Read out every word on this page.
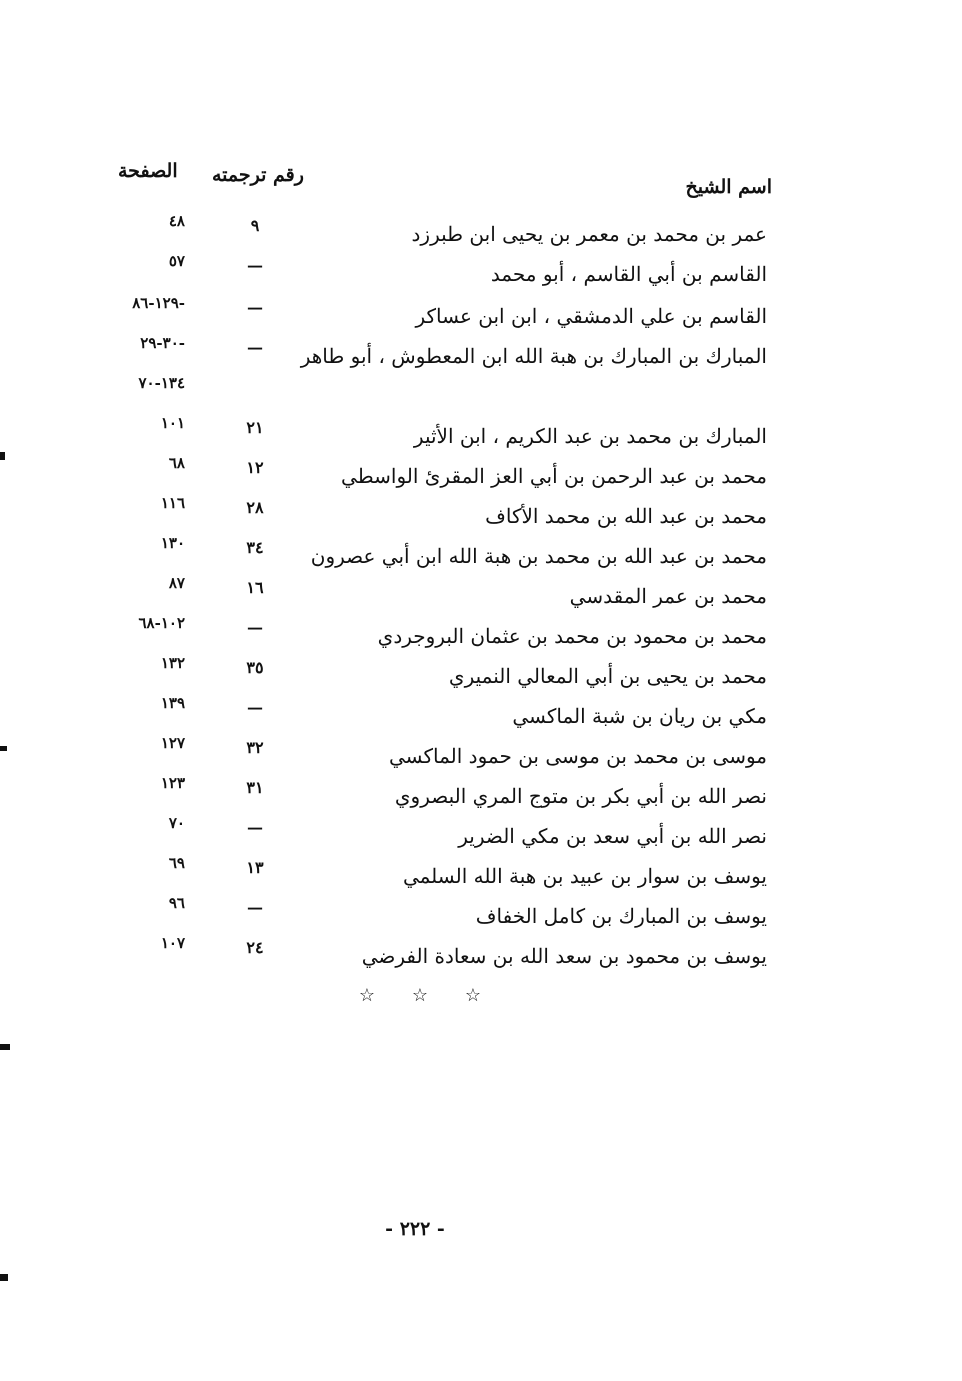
الصفحة رقم ترجمته
اسم الشيخ
عمر بن محمد بن معمر بن يحيى ابن طبرزد
٩
٤٨
القاسم بن أبي القاسم ، أبو محمد
—
٥٧
القاسم بن علي الدمشقي ، ابن ابن عساكر
—
-١٢٩-٨٦
المبارك بن المبارك بن هبة الله ابن المعطوش ، أبو طاهر
—
-٣٠-٢٩
١٣٤-٧٠
المبارك بن محمد بن عبد الكريم ، ابن الأثير
٢١
١٠١
محمد بن عبد الرحمن بن أبي العز المقرئ الواسطي
١٢
٦٨
محمد بن عبد الله بن محمد الأكاف
٢٨
١١٦
محمد بن عبد الله بن محمد بن هبة الله ابن أبي عصرون
٣٤
١٣٠
محمد بن عمر المقدسي
١٦
٨٧
محمد بن محمود بن محمد بن عثمان البروجردي
—
١٠٢-٦٨
محمد بن يحيى بن أبي المعالي النميري
٣٥
١٣٢
مكي بن ريان بن شبة الماكسي
—
١٣٩
موسى بن محمد بن موسى بن حمود الماكسي
٣٢
١٢٧
نصر الله بن أبي بكر بن متوج المري البصروي
٣١
١٢٣
نصر الله بن أبي سعد بن مكي الضرير
—
٧٠
يوسف بن سوار بن عبيد بن هبة الله السلمي
١٣
٦٩
يوسف بن المبارك بن كامل الخفاف
—
٩٦
يوسف بن محمود بن سعد الله بن سعادة الفرضي
٢٤
١٠٧
☆ ☆ ☆
- ٢٢٢ -
